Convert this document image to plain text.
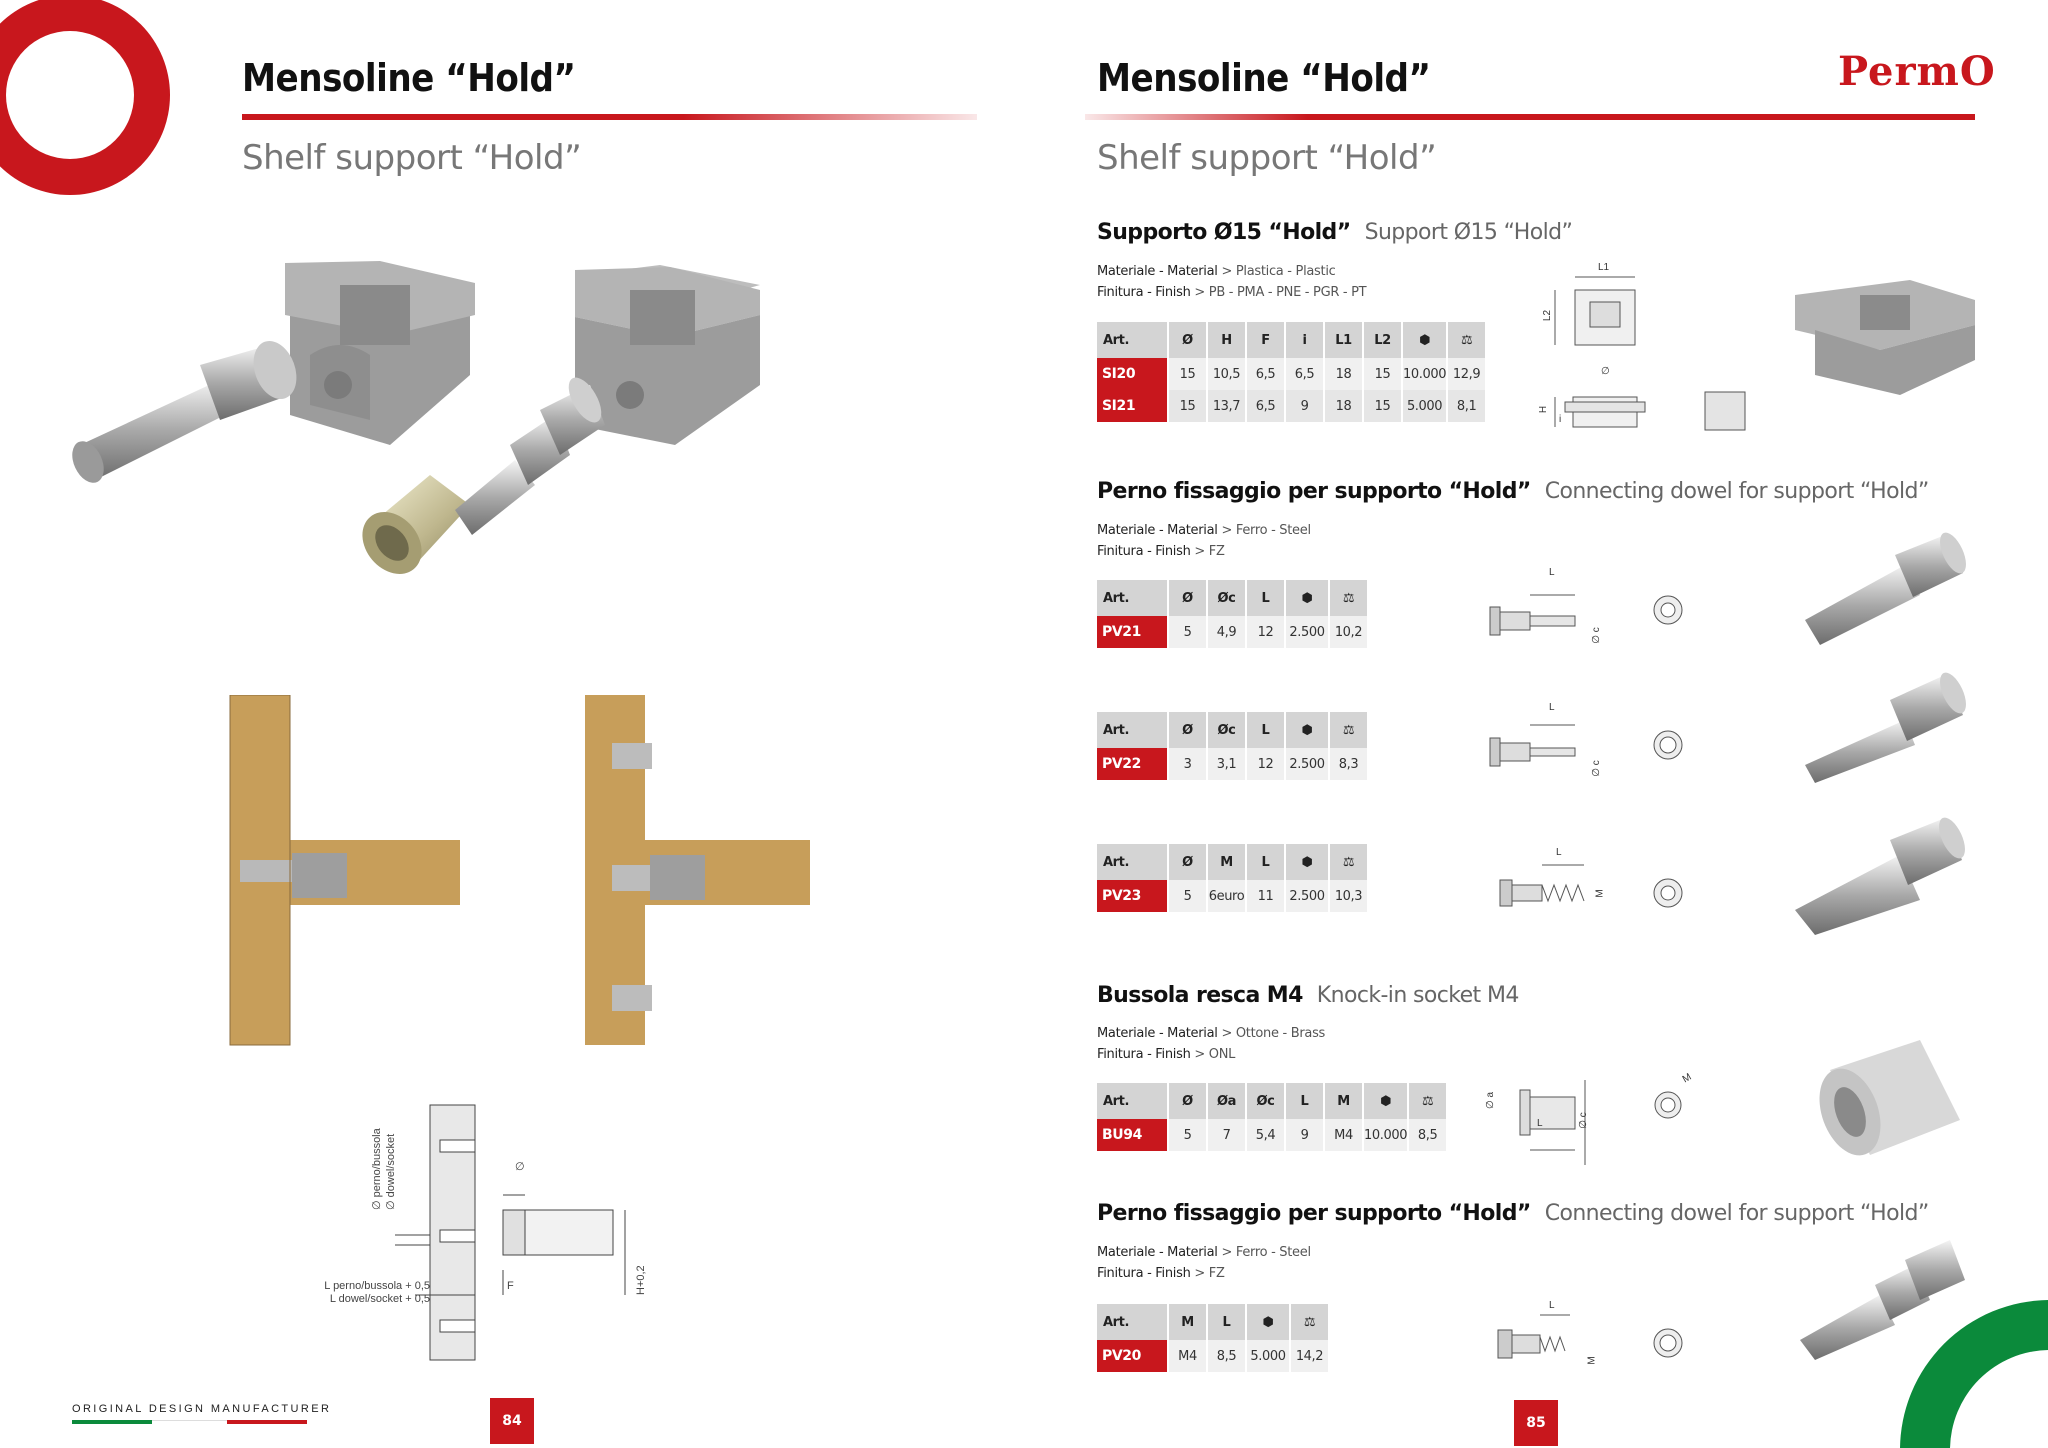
Mensoline “Hold”
Shelf support “Hold”
∅ perno/bussola ∅ dowel/socket
L perno/bussola + 0,5
L dowel/socket + 0,5
∅
F	H+0,2
ORIGINAL DESIGN MANUFACTURER
84
Mensoline “Hold”	PermO
Shelf support “Hold”
Supporto Ø15 “Hold” Support Ø15 “Hold”
Materiale - Material > Plastica - Plastic
Finitura - Finish > PB - PMA - PNE - PGR - PT
Art.	Ø	H	F	i	L1	L2	⬢	⚖
SI20	15	10,5	6,5	6,5	18	15	10.000	12,9
SI21	15	13,7	6,5	9	18	15	5.000	8,1
L1
L2
∅
H
i
Perno fissaggio per supporto “Hold” Connecting dowel for support “Hold”
Materiale - Material > Ferro - Steel
Finitura - Finish > FZ
Art.	Ø	Øc	L	⬢	⚖
PV21	5	4,9	12	2.500	10,2
Art.	Ø	Øc	L	⬢	⚖
PV22	3	3,1	12	2.500	8,3
Art.	Ø	M	L	⬢	⚖
PV23	5	6euro	11	2.500	10,3
L
∅ c
L
∅ c
L
M
Bussola resca M4 Knock-in socket M4
Materiale - Material > Ottone - Brass
Finitura - Finish > ONL
Art.	Ø	Øa	Øc	L	M	⬢	⚖
BU94	5	7	5,4	9	M4	10.000	8,5
∅ a
L	∅ c
M
Perno fissaggio per supporto “Hold” Connecting dowel for support “Hold”
Materiale - Material > Ferro - Steel
Finitura - Finish > FZ
Art.	M	L	⬢	⚖
PV20	M4	8,5	5.000	14,2
L
M
85
